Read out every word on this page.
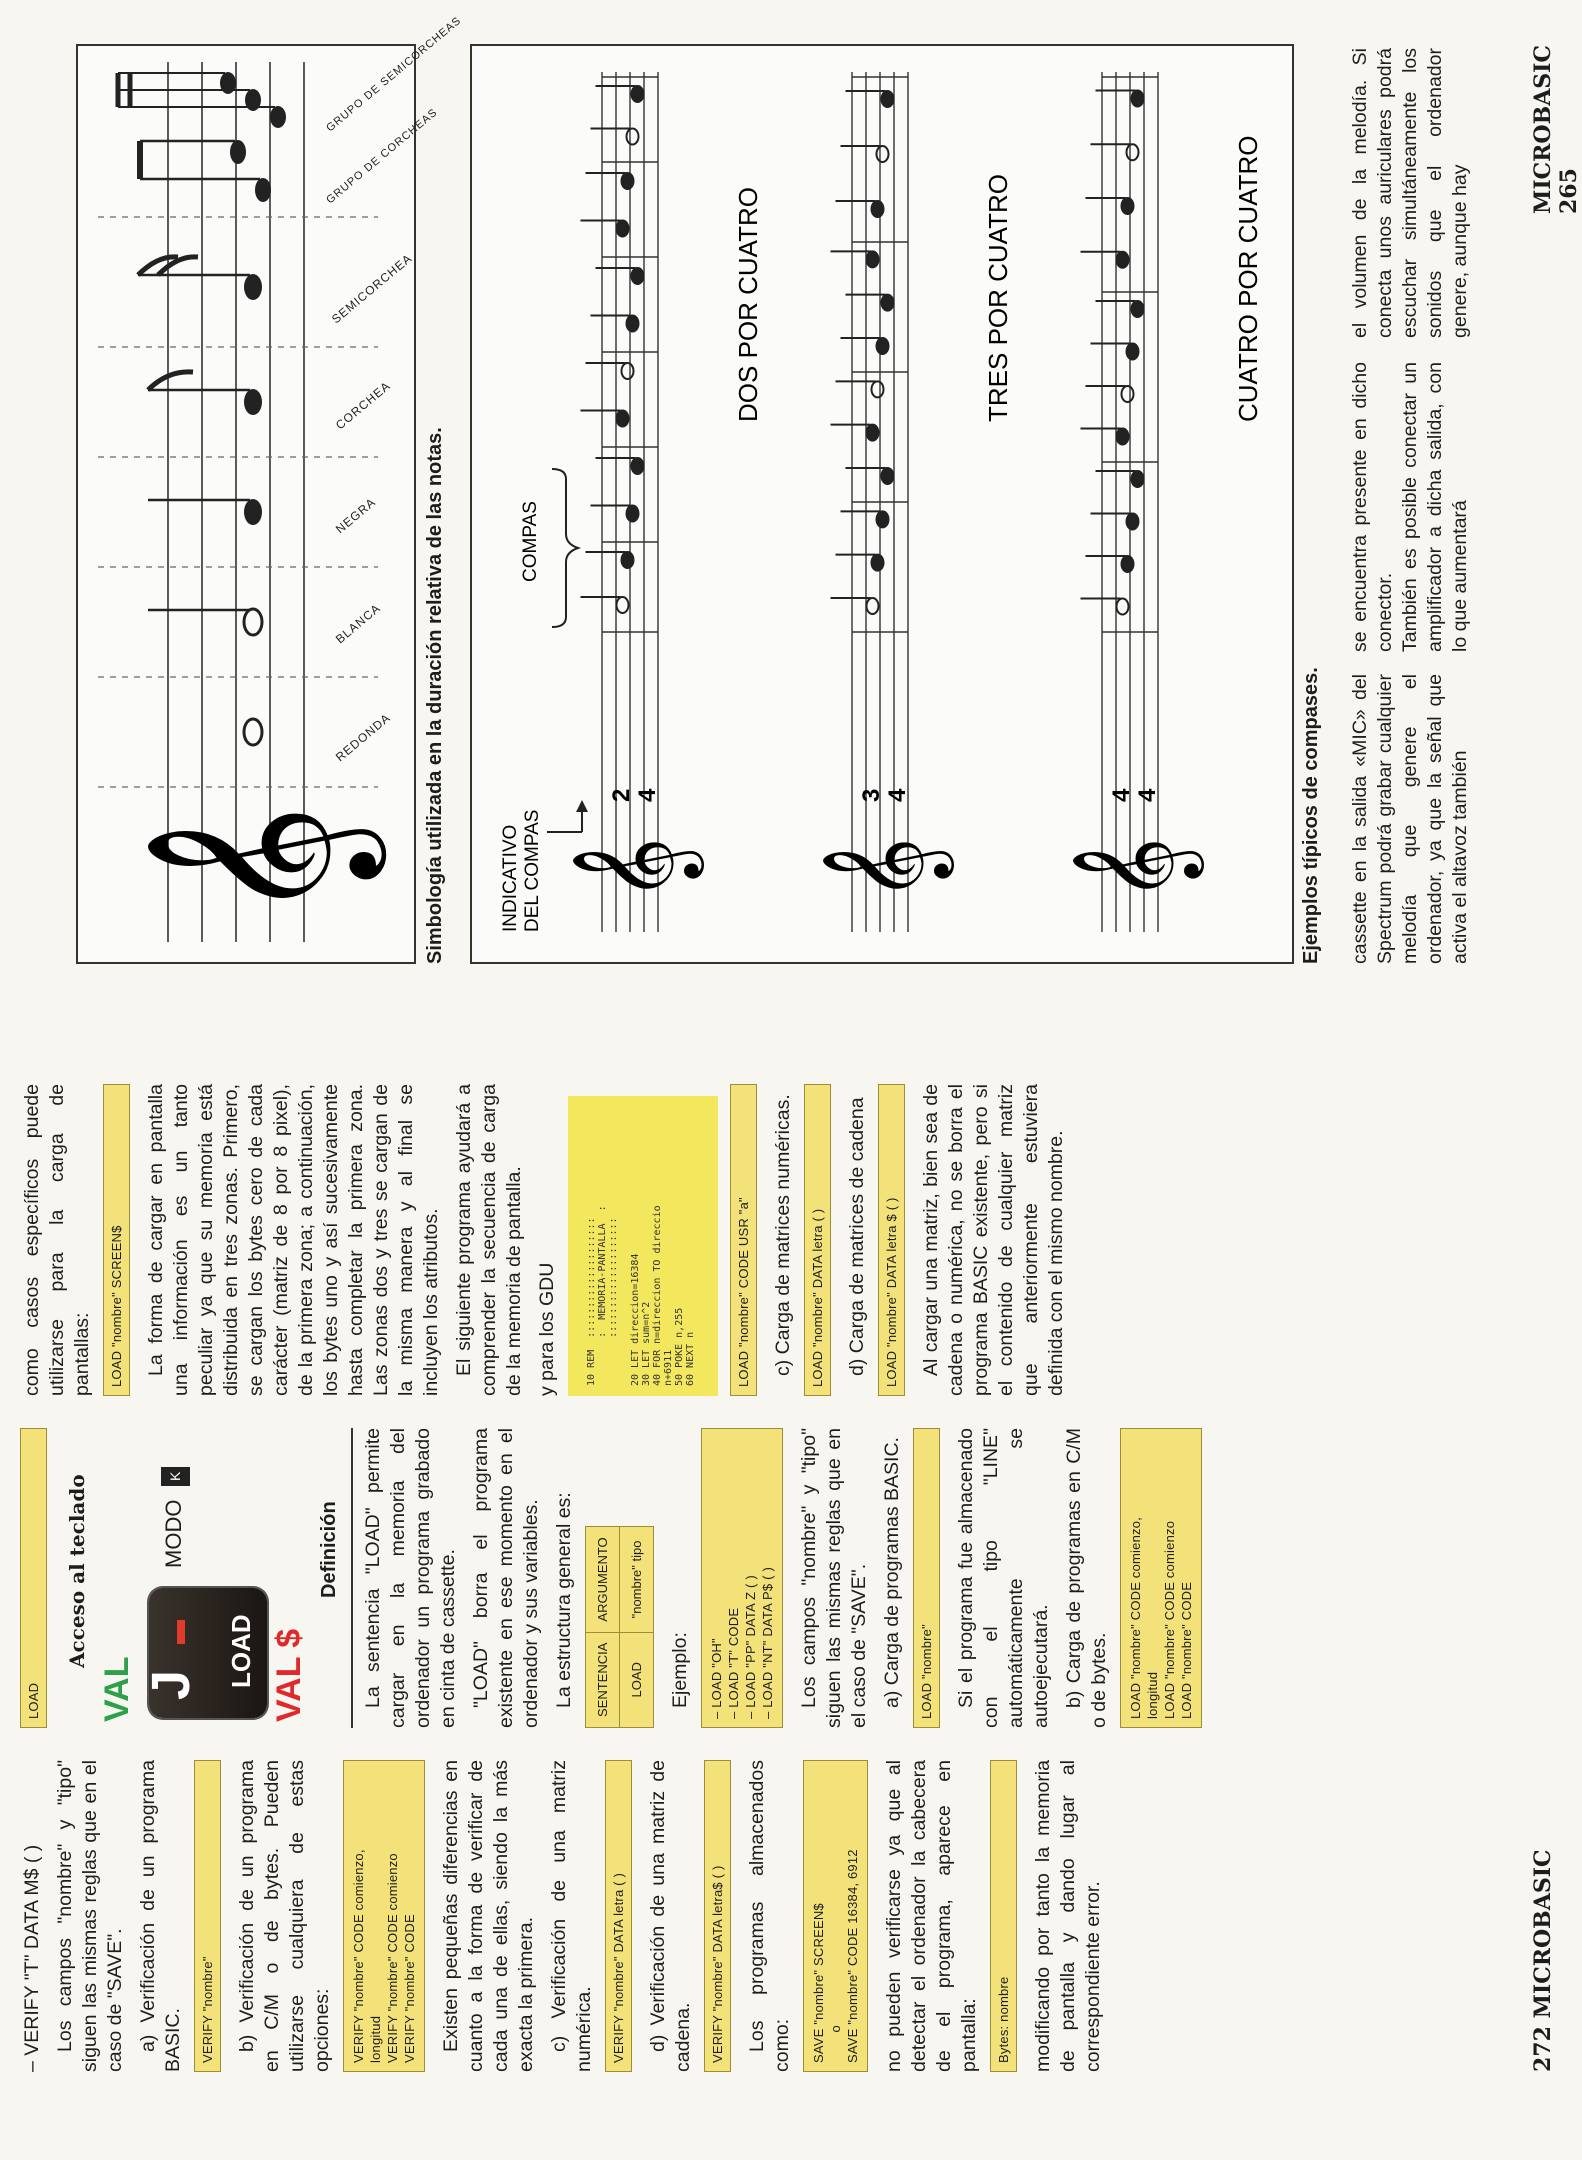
– VERIFY "T" DATA M$ ( ) Los campos "nombre" y "tipo" siguen las mismas reglas que en el caso de "SAVE". a) Verificación de un programa BASIC.	VERIFY "nombre"	b) Verificación de un programa en C/M o de bytes. Pueden utilizarse cualquiera de estas opciones:	VERIFY "nombre" CODE comienzo,
longitud
VERIFY "nombre" CODE comienzo
VERIFY "nombre" CODE	Existen pequeñas diferencias en cuanto a la forma de verificar de cada una de ellas, siendo la más exacta la primera. c) Verificación de una matriz numérica.	VERIFY "nombre" DATA letra ( )	d) Verificación de una matriz de cadena.	VERIFY "nombre" DATA letra$ ( )	Los programas almacenados como:	SAVE "nombre" SCREEN$
o
SAVE "nombre" CODE 16384, 6912	no pueden verificarse ya que al detectar el ordenador la cabecera de el programa, aparece en pantalla:	Bytes: nombre	modificando por tanto la memoria de pantalla y dando lugar al correspondiente error.

LOAD
Acceso al teclado
VAL J LOAD
MODO
K
VAL $
Definición La sentencia "LOAD" permite cargar en la memoria del ordenador un programa grabado en cinta de cassette. "LOAD" borra el programa existente en ese momento en el ordenador y sus variables. La estructura general es: SENTENCIA	ARGUMENTO
LOAD	"nombre" tipo

Ejemplo:

– LOAD "OH"
– LOAD "T" CODE
– LOAD "PP" DATA Z ( )
– LOAD "NT" DATA P$ ( )	Los campos "nombre" y "tipo" siguen las mismas reglas que en el caso de "SAVE". a) Carga de programas BASIC.	LOAD "nombre"	Si el programa fue almacenado con el tipo "LINE" automáticamente se autoejecutará. b) Carga de programas en C/M o de bytes.	LOAD "nombre" CODE comienzo,
longitud
LOAD "nombre" CODE comienzo
LOAD "nombre" CODE

como casos específicos puede utilizarse para la carga de pantallas:	LOAD "nombre" SCREEN$	La forma de cargar en pantalla una información es un tanto peculiar ya que su memoria está distribuida en tres zonas. Primero, se cargan los bytes cero de cada carácter (matriz de 8 por 8 pixel), de la primera zona; a continuación, los bytes uno y así sucesivamente hasta completar la primera zona. Las zonas dos y tres se cargan de la misma manera y al final se incluyen los atributos. El siguiente programa ayudará a comprender la secuencia de carga de la memoria de pantalla. y para los GDU	10 REM  ::::::::::::::::::::
:  MEMORIA-PANTALLA  :
::::::::::::::::::::

20 LET direccion=16384
30 LET sum=n^2
40 FOR n=direccion TO direccio
n+6911
50 POKE n,255
60 NEXT n	LOAD "nombre" CODE USR "a"	c) Carga de matrices numéricas.	LOAD "nombre" DATA letra ( )	d) Carga de matrices de cadena	LOAD "nombre" DATA letra $ ( )	Al cargar una matriz, bien sea de cadena o numérica, no se borra el programa BASIC existente, pero si el contenido de cualquier matriz que anteriormente estuviera definida con el mismo nombre.

272 MICROBASIC
𝄞
REDONDA
BLANCA
NEGRA
CORCHEA
SEMICORCHEA
GRUPO DE CORCHEAS
GRUPO DE SEMICORCHEAS
Simbología utilizada en la duración relativa de las notas.	INDICATIVO DEL COMPAS
COMPAS
𝄞 𝄞 𝄞
DOS POR CUATRO	TRES POR CUATRO	CUATRO POR CUATRO
2 4	3 4	4 4	Ejemplos típicos de compases. cassette en la salida «MIC» del Spectrum podrá grabar cualquier melodía que genere el ordenador, ya que la señal que activa el altavoz también
se encuentra presente en dicho conector.
También es posible conectar un amplificador a dicha salida, con lo que aumentará
el volumen de la melodía. Si conecta unos auriculares podrá escuchar simultáneamente los sonidos que el ordenador genere, aunque hay
MICROBASIC 265
